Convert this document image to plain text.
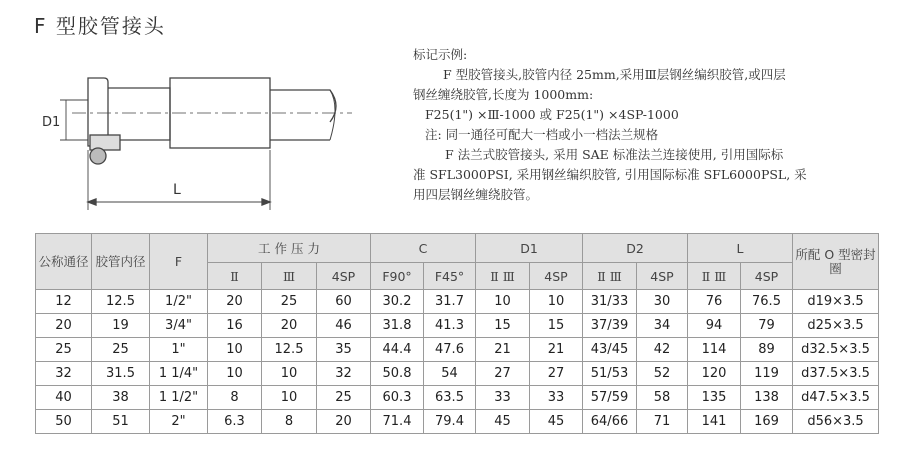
F 型胶管接头
D1
L
标记示例:
F 型胶管接头,胶管内径 25mm,采用Ⅲ层钢丝编织胶管,或四层
钢丝缠绕胶管,长度为 1000mm:
F25(1") ×Ⅲ-1000 或 F25(1") ×4SP-1000
注: 同一通径可配大一档或小一档法兰规格
F 法兰式胶管接头, 采用 SAE 标准法兰连接使用, 引用国际标
准 SFL3000PSI, 采用钢丝编织胶管, 引用国际标准 SFL6000PSL, 采
用四层钢丝缠绕胶管。
公称通径	胶管内径	F	工 作 压 力			C		D1		D2		L		所配 O 型密封圈
			Ⅱ	Ⅲ	4SP	F90°	F45°	Ⅱ Ⅲ	4SP	Ⅱ Ⅲ	4SP	Ⅱ Ⅲ	4SP	
12	12.5	1/2"	20	25	60	30.2	31.7	10	10	31/33	30	76	76.5	d19×3.5
20	19	3/4"	16	20	46	31.8	41.3	15	15	37/39	34	94	79	d25×3.5
25	25	1"	10	12.5	35	44.4	47.6	21	21	43/45	42	114	89	d32.5×3.5
32	31.5	1 1/4"	10	10	32	50.8	54	27	27	51/53	52	120	119	d37.5×3.5
40	38	1 1/2"	8	10	25	60.3	63.5	33	33	57/59	58	135	138	d47.5×3.5
50	51	2"	6.3	8	20	71.4	79.4	45	45	64/66	71	141	169	d56×3.5
